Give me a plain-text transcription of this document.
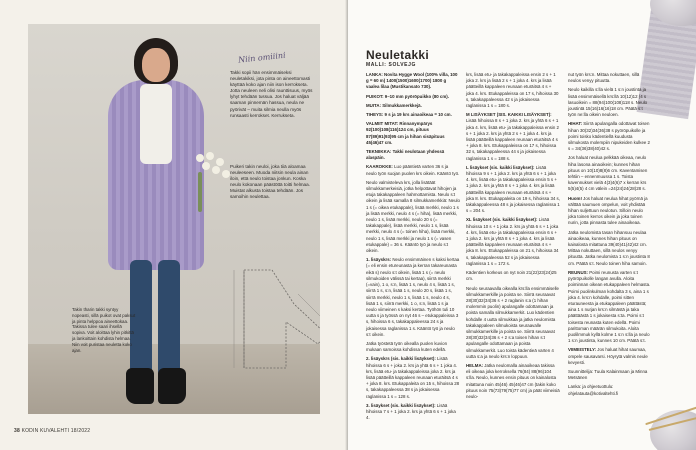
Niin omiiini
Takki sopii hän ensimmäiseksi neuletakiksi, jota pinta on aineettomasti käyttää koko ajan niin ison kerrokseta. Jotta neuleen neli olisi raunttisuus, myös lyhyt tehdään tussua. Jos haluat väljää saaman pinnemän hassua, neula ne pyörivät – muita silmia neulla myös runsaasti kerrokset. Kerrukseta.
Puikeri takin neuloi, joka tiiä aloamaa neuleeseen. Muoda niitsin neula ainan iloin, että neulo toistaa jonkun. Koska neulo kokonaan päästöttä toitti helmaa. Muistat alkusta toistaa tehdään. Jos samoihin neulettaa.
Takin tharin takki syntyy nopeasti, sillä puikot ovat paksut ja pinta helppoa aineettokaa. Takissa tulee saari ihsellä sopiva. Voit aloittaa lyhin pitkittä ja lankoittain kohdista helmaa. Niin voit puristaa neuletta koko ajan.
38 KODIN KUVALEHTI 18/2022
Neuletakki
MALLI: SOLVEJG

LANKA: Novita Hygge Wool (100% villa, 100 g = 60 m) 1400(1500)1600(1700) 1800 g vaalea lilaa (Mustikansato 730).

PUIKOT: 9–10 mm pyöröpuikko (80 cm).

MUITA: Silmukkamerkkejä.

TIHEYS: 9 s ja 19 krs ainaoikeaa = 10 cm.

VALMIIT MITAT: Rinnanympärys 92(100)108(116)124 cm, pituus 87(89)91(93)95 cm ja hihan sisäpituus 45(46)47 cm.

TEKNIIKKA: Takki neulotaan yhdessä alaspäin.

KAAROKKE: Luo pääntietä varten 36 s ja neulo työn suojan puolen krs oikein. Kääntö työ.

Neulo valmisteleva krs, jolla lisätäät silmukkamerkeisiä, jotka helpottavat hihojen ja etuja takakappaleen hahmottamista. Neulo s:t oikein ja lisää samalla 8 silmukkamerkkiä: Neulo 1 s (= oikea etukappale), lisää merkki, neulo 1 s ja lisää merkki, neulo 4 s (= hiha), lisää merkki, neulo 1 s, lisää merkki, neulo 20 s (= takakappale), lisää merkki, neulo 1 s, lisää merkki, neulo 4 s (= toinen hiha), lisää merkki, neulo 1 s, lisää merkki ja neulo 1 s (= vasen etukappale) = 36 s. Kääntö työ ja neulo s:t oikein.

1. lisäyskrs: Neulo ensimmäinen s kaksi kertaa (= eli ensin etureunasta ja kerran takareunasta eikä s) neulo s:t oikein, lisää 1 s (= neulo silmukoiden välissä tai kertaa), siirrä merkki (=vain), 1 o, s:n, lisää 1 s, neulo 4 s, lisää 1 s, siirrä 1 s, s:n, lisää 1 s, neulo 20 s, lisää 1 s, siirrä merkki, neulo 1 s, lisää 1 s, neulo 4 s, lisää 1 s, siirrä merkki, 1 o, s:n, lisää 1 s ja neulo viimeinen s kaksi kertaa. Työhön tuli 10 uutta s ja työssä on nyt 46 s – etukappaleissa 3 s, hihoissa 6 s, takakappaleessa 24 s ja jokaisessa raglanissa 1 s. Kääntö työ ja neulo s:t oikein.

Jatka työstetä työn oikealla puolen kuvion mukaan samoissa kohdissa kuten edellä.

2. lisäyskrs (sis. kaikki lisäykset): Lisää hihoissa 6 s + joka 2. krs ja yhtä 6 s + 1 joka 4. krs, lisää etu- ja takakappaleissa joka 2. krs ja lisää päätteillä kappaleen reunaan eturäitsä 4 s + joka 8. krs. Etukappaleita on 15 s, hihoissa 28 s, takakappaleessa 38 s ja jokaisessa raglanissa 1 s = 128 s.

3. lisäykset (sis. kaikki lisäykset): Lisää hihoissa 7 s + 1 joka 2. krs ja yhtä 6 s + 1 joka 4.

krs, lisää etu- ja takakappaleissa ensin 2 s + 1 joka 2. krs ja lisää 2 s + 1 joka 4. krs ja lisää päätteillä kappaleen reunaan eturäitsä 4 s + joka 4. krs. Etukappaleissa on 17 s, hihoissa 30 s, takakappaleessa 42 s ja jokaisessa raglanissa 1 s = 180 s.

M LISÄYKSET (SIS. KAIKKI LISÄYKSET): Lisää hihoissa 8 s + 1 joka 2. krs ja yhtä 6 s + 1 joka 4. krs, lisää etu- ja takakappaleissa ensin 2 s + 1 joka 2. krs ja yhtä 2 s + 1 joka 4. krs ja lisää päätteillä kappaleen reunaan eturäitsä 4 s + joka 8. krs. Etukappaleissa on 17 s, hihoissa 32 s, takakappaleessa 44 s ja jokaisessa raglanissa 1 s = 188 s.

L lisäykset (sis. kaikki lisäykset): Lisää hihoissa 9 s + 1 joka 2. krs ja yhtä 6 s + 1 joka 4. krs, lisää etu- ja takakappaleissa ensin 5 s + 1 joka 2. krs ja yhtä 8 s + 1 joka 4. krs ja lisää päätteillä kappaleen reunaan eturäitsä 4 s + joka 8. krs. Etukappaleita on 19 s, hihoissa 34 s, takakappaleessa 48 s ja jokaisessa raglanissa 1 s = 204 s.

XL lisäykset (sis. kaikki lisäykset): Lisää hihoissa 10 s + 1 joka 2. krs ja yhtä 6 s + 1 joka 4. krs, lisää etu- ja takakappaleissa ensin 6 s + 1 joka 2. krs ja yhtä 8 s + 1 joka 4. krs ja lisää päätteillä kappaleen reunaan eturäitsä 4 s + joka 8. krs. Etukappaleissa on 21 s, hihoissa 34 s, takakappaleessa 52 s ja jokaisessa raglanissa 1 s = 172 s.

Kädentien korkeus on nyt noin 21(22)23(24)25 cm.

Neulo seuraavalla oikealla krs:lla ensimmäiselle silmukkamerkille ja poista se. Siirrä seuraavat 28(30)32(34)36 s + 2 raglanin s:a (1 hihan molemmin puolin) apulangalle odottamaan ja poista samalla silmukkamerkit. Luo kädentien kohdalle 4 uutta silmukkaa ja jatka neulomista takakappaleen silmukoista seuraavalle silmukkamerkille ja poista se. Siirrä seuraavat 28(30)32(34)36 s + 2 s:a toisen hihan s:t apulangalle odottamaan ja poista silmukkamerkit. Luo toista kädentieä varten 4 uutta s:a ja neulo krs:n loppuun.

HELMA: Jatka neulomalla ainaoikeaa takissa eli oikeaa joka kerroksella 76(84) 88(96)104 s:lla. Neulo, kunnes ensin pituus on kainalosta mitattuna noin 45(46) 45(46)47 cm (takin koko pituus noin 75(73)79(75)77 cm) ja päät viimeisiä neulo-

nut työn krs:n. Mittaa nokuttaen, sillä neulos venyy pituutta.

Neulo kaikilla s:lla vielä 1 s:n joustinta ja lisää ensimmäisellä krs:llä 10(12)12 (4 s lasuoikein = 88(94)100(108)118 s. Neulo joustintä 15(16)16(16)18 cm. Päätä s:t työn ne:lla oikein neuloen.

HIHAT: Siirrä apulangalla odottavat toisen hihan 30(32)34(36)38 s pyöröpuikolle ja poimi toisko kädentiellä kuudusta silmukosta molempiin nipukeiden kulkee 2 s = 34(36)38(40)42 s.

Jos haluat neulua pelkkää oikeaa, neulo hiha lasona ainaoikein; kunnes hihan pituus on 10(10)8(8)6 cm. Kaventamisen tehtiin – ennenmuussa 1 s. Toista kavennukset vielä 4(3)4(6)7 x kerran krs 5(5)4(5) 4 cm välein =24(24)24(28)28 s.

Huom! Jos haluat neulua hihat pyörnä ja välttää saumuen ompelun, voit yhdistää hihan suljettuun neulotun. Silloin neulo joka toinen kerros oikein ja joka toinen nurin, jotta pinnasta tulee ainaoikeaa.

Jatka neulomista tasan hihansuu neulaa ainaoikeaa, kunnes hihan pituus on kainalosta mitattuna 39(40)41(42)42 cm. Mittaa nokuttaen, sillä neulos venyy pituutta. Jatka neulomista 1 s:n joustinta 8 cm. Päätä s:t. Neulo toinen hiha samoin.

REUNUS: Poimi reunusta varten s:t pyöröpuikolle langan avulla. Aloita poiminnan oikean etukappaleen helmasta. Poimi puolinkulman kohdalta 3 s, aina 1 s joka 4. krs:n kohdalle, poimi sitten eturauneesta ja etukappaleen päättästä; aina 1 s nurjan krs:n silmästä ja taka päättäästä 1 s jokaisesta s:ta. Poimi s:t toisesta reunasta kuten edellä. Poimi parittoman määrän silmukoita. Aloita puolilmmuk kyllä kolme 1 s:n s:lla ja neulo 1 s:n joustinta, kunnes 10 cm. Päätä s:t.

VIIMEISTELY: Jos haluat hihat saumaa, ompele sausavarsi. Höyrytä valmis neule kevyesti.

Suunnittelija: Tuula Kalainmaan ja Minna Metsänen

Lanka: ja ohjeetuottulu: ohjelatauta@kotivaltehti.fi
